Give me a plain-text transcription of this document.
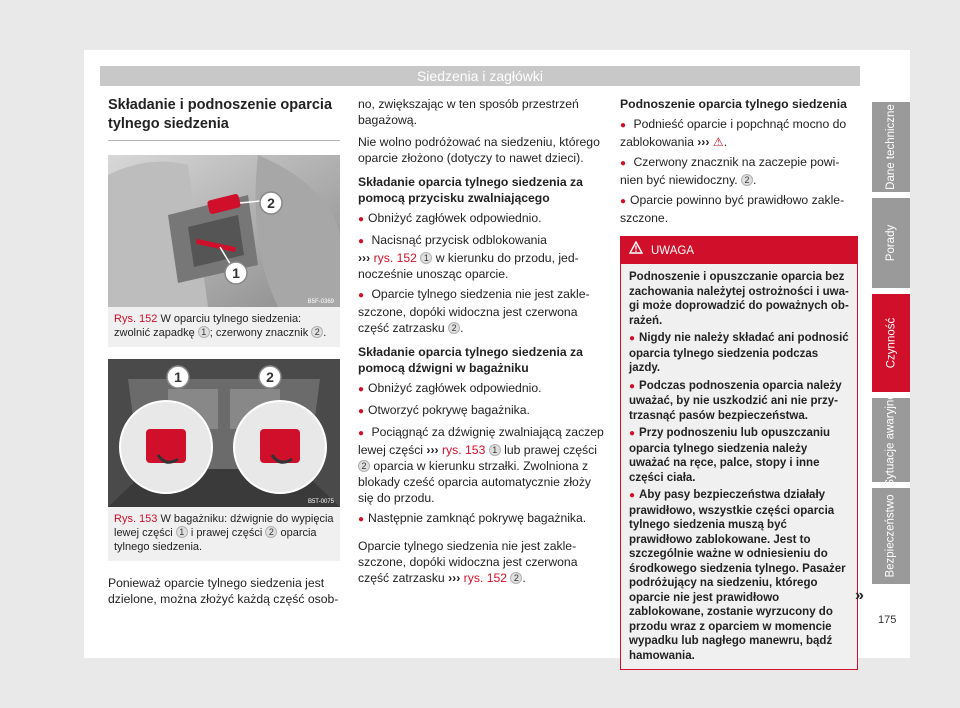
Siedzenia i zagłówki
Dane techniczne
Porady
Czynność
Sytuacje awaryjne
Bezpieczeństwo
Składanie i podnoszenie oparcia tylnego siedzenia
2
1
B5F-0369
Rys. 152 W oparciu tylnego siedzenia: zwolnić zapadkę 1 ; czerwony znacznik 2 .
1	2
B5T-0075
Rys. 153 W bagażniku: dźwignie do wypięcia lewej części 1 i prawej części 2 oparcia tylnego siedzenia.

Ponieważ oparcie tylnego siedzenia jest dzielone, można złożyć każdą część osob-

no, zwiększając w ten sposób przestrzeń bagażową.

Nie wolno podróżować na siedzeniu, którego oparcie złożono (dotyczy to nawet dzieci).

Składanie oparcia tylnego siedzenia za pomocą przycisku zwalniającego
● Obniżyć zagłówek odpowiednio.
● Nacisnąć przycisk odblokowania
››› rys. 152 1 w kierunku do przodu, jednocześnie unosząc oparcie.
● Oparcie tylnego siedzenia nie jest zakleszczone, dopóki widoczna jest czerwona część zatrzasku 2 .
Składanie oparcia tylnego siedzenia za pomocą dźwigni w bagażniku
● Obniżyć zagłówek odpowiednio.
● Otworzyć pokrywę bagażnika.
● Pociągnąć za dźwignię zwalniającą zaczep lewej części ››› rys. 153 1 lub prawej części 2 oparcia w kierunku strzałki. Zwolniona z blokady cześć oparcia automatycznie złoży się do przodu.
● Następnie zamknąć pokrywę bagażnika.

Oparcie tylnego siedzenia nie jest zakleszczone, dopóki widoczna jest czerwona część zatrzasku ››› rys. 152 2 .

Podnoszenie oparcia tylnego siedzenia
● Podnieść oparcie i popchnąć mocno do zablokowania ››› ⚠.
● Czerwony znacznik na zaczepie powinien być niewidoczny. 2 .
● Oparcie powinno być prawidłowo zakleszczone.
UWAGA
Podnoszenie i opuszczanie oparcia bez zachowania należytej ostrożności i uwagi może doprowadzić do poważnych obrażeń.
● Nigdy nie należy składać ani podnosić oparcia tylnego siedzenia podczas jazdy.
● Podczas podnoszenia oparcia należy uważać, by nie uszkodzić ani nie przytrzasnąć pasów bezpieczeństwa.
● Przy podnoszeniu lub opuszczaniu oparcia tylnego siedzenia należy uważać na ręce, palce, stopy i inne części ciała.
● Aby pasy bezpieczeństwa działały prawidłowo, wszystkie części oparcia tylnego siedzenia muszą być prawidłowo zablokowane. Jest to szczególnie ważne w odniesieniu do środkowego siedzenia tylnego. Pasażer podróżujący na siedzeniu, którego oparcie nie jest prawidłowo zablokowane, zostanie wyrzucony do przodu wraz z oparciem w momencie wypadku lub nagłego manewru, bądź hamowania.
»
175
